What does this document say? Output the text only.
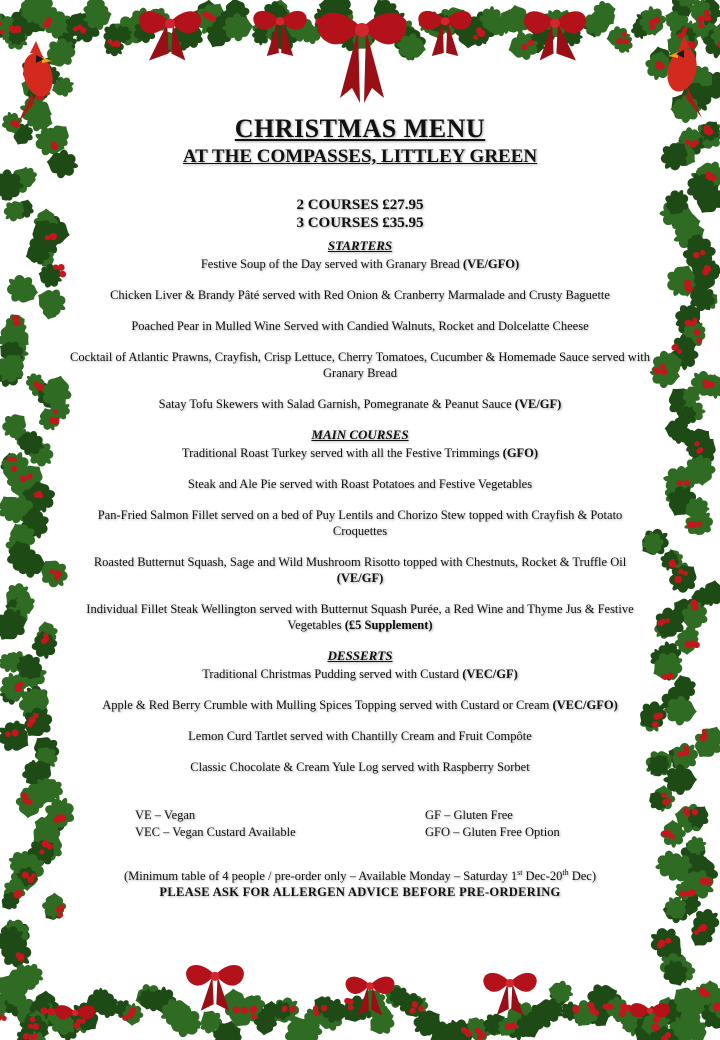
CHRISTMAS MENU
AT THE COMPASSES, LITTLEY GREEN
2 COURSES £27.95
3 COURSES £35.95
STARTERS

Festive Soup of the Day served with Granary Bread (VE/GFO)

Chicken Liver & Brandy Pâté served with Red Onion & Cranberry Marmalade and Crusty Baguette

Poached Pear in Mulled Wine Served with Candied Walnuts, Rocket and Dolcelatte Cheese

Cocktail of Atlantic Prawns, Crayfish, Crisp Lettuce, Cherry Tomatoes, Cucumber & Homemade Sauce served with Granary Bread

Satay Tofu Skewers with Salad Garnish, Pomegranate & Peanut Sauce (VE/GF)

MAIN COURSES

Traditional Roast Turkey served with all the Festive Trimmings (GFO)

Steak and Ale Pie served with Roast Potatoes and Festive Vegetables

Pan-Fried Salmon Fillet served on a bed of Puy Lentils and Chorizo Stew topped with Crayfish & Potato Croquettes

Roasted Butternut Squash, Sage and Wild Mushroom Risotto topped with Chestnuts, Rocket & Truffle Oil (VE/GF)

Individual Fillet Steak Wellington served with Butternut Squash Purée, a Red Wine and Thyme Jus & Festive Vegetables (£5 Supplement)

DESSERTS

Traditional Christmas Pudding served with Custard (VEC/GF)

Apple & Red Berry Crumble with Mulling Spices Topping served with Custard or Cream (VEC/GFO)

Lemon Curd Tartlet served with Chantilly Cream and Fruit Compôte

Classic Chocolate & Cream Yule Log served with Raspberry Sorbet

VE – Vegan
VEC – Vegan Custard Available
GF – Gluten Free
GFO – Gluten Free Option
(Minimum table of 4 people / pre-order only – Available Monday – Saturday 1st Dec-20th Dec)
PLEASE ASK FOR ALLERGEN ADVICE BEFORE PRE-ORDERING
